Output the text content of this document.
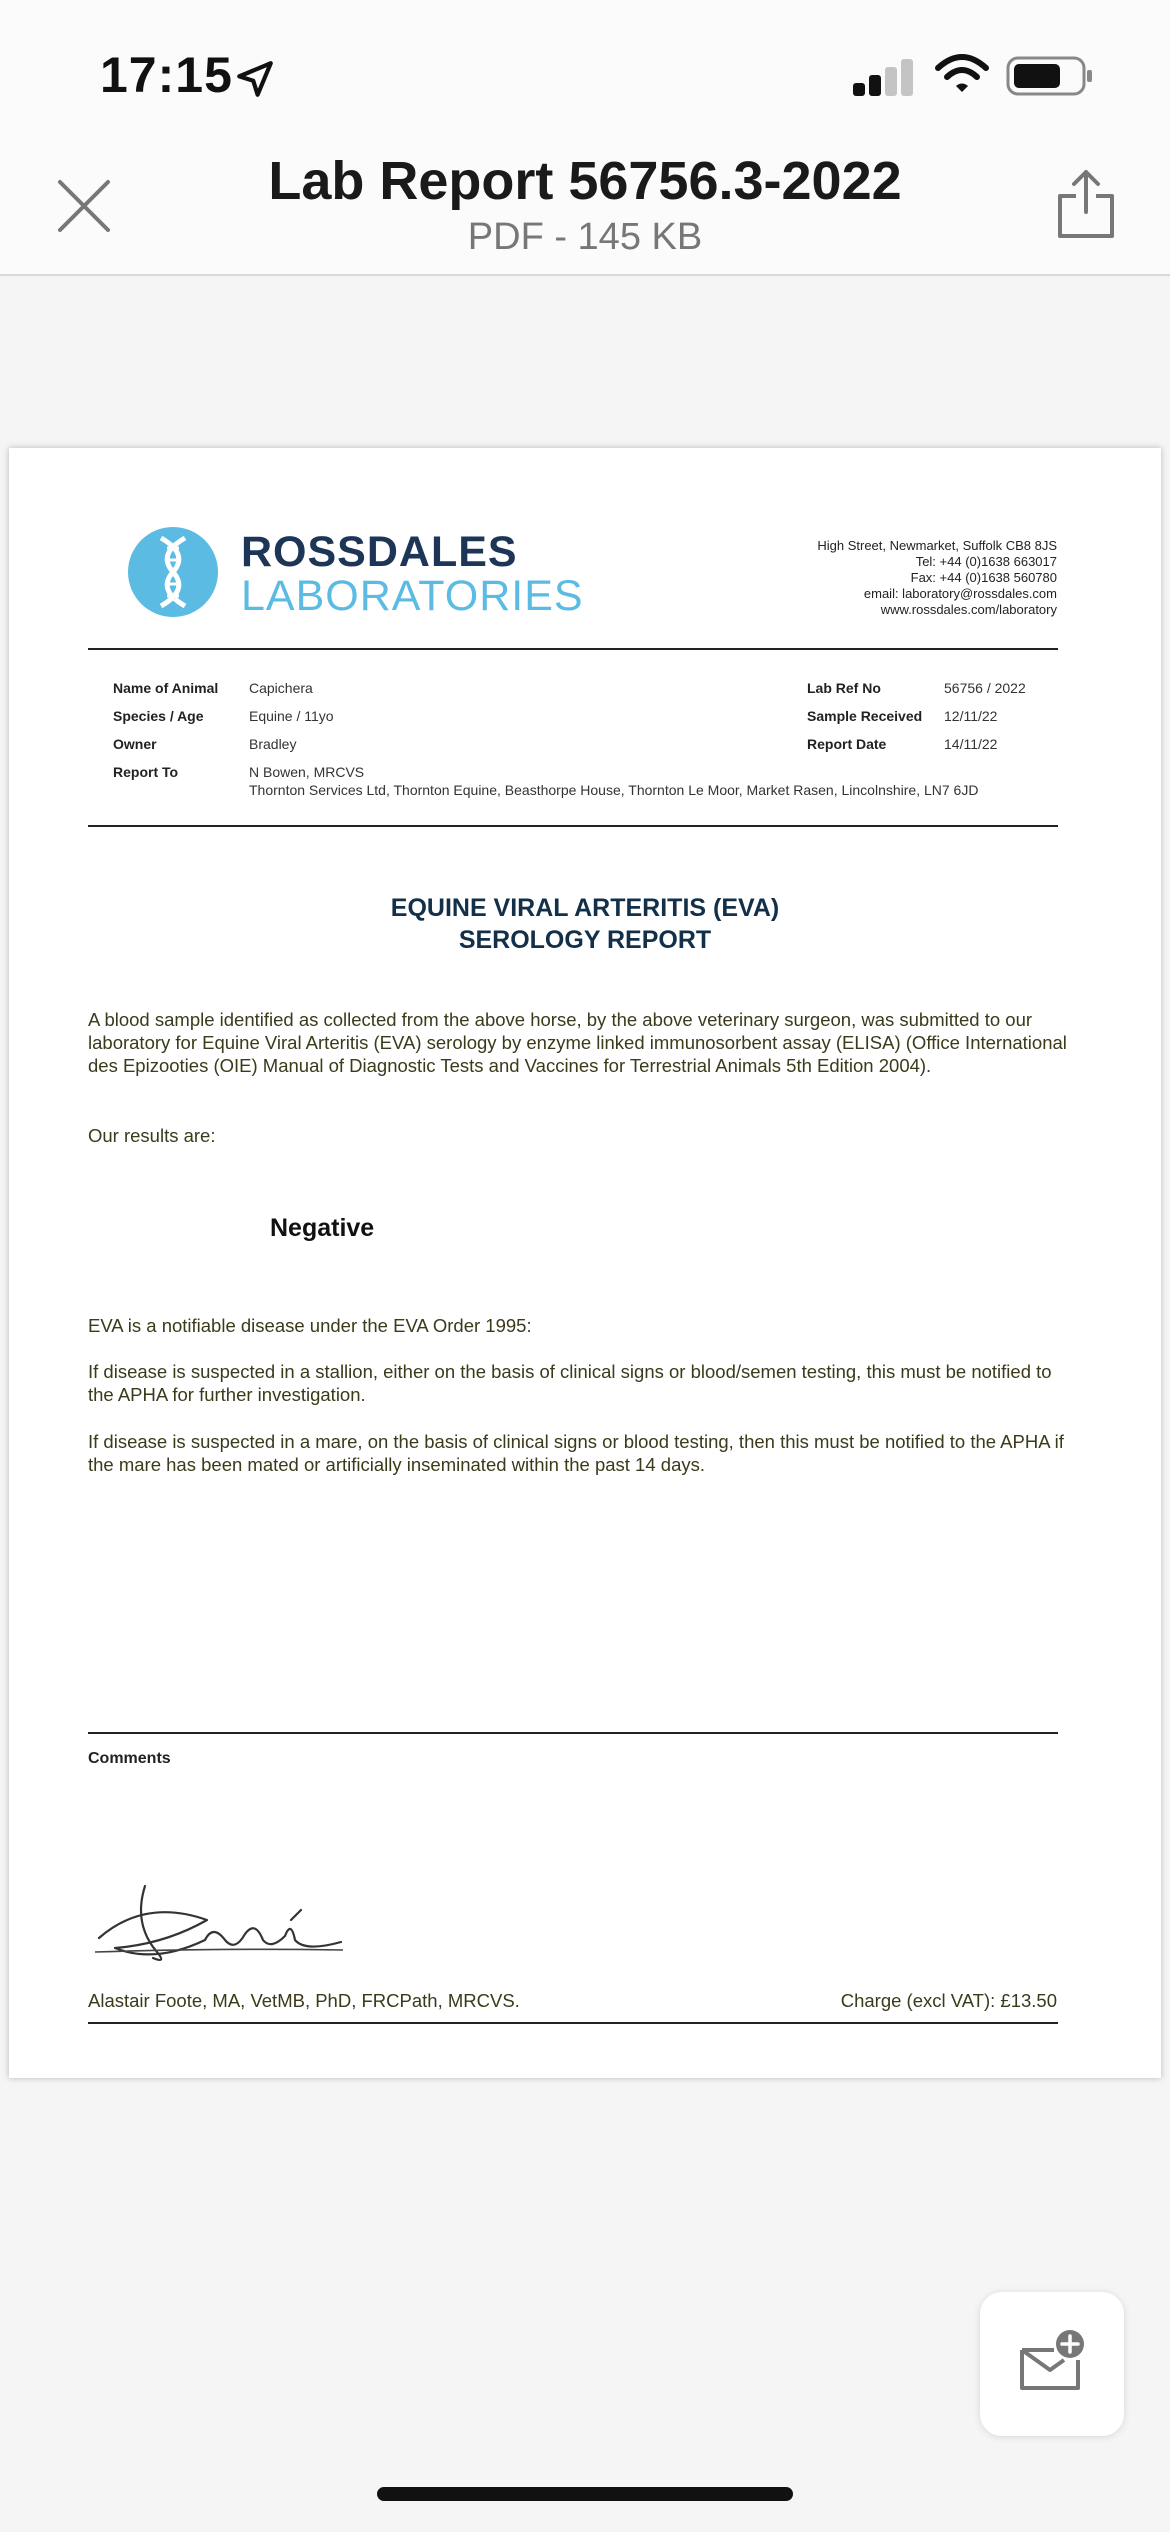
17:15
Lab Report 56756.3-2022
PDF - 145 KB
ROSSDALES
LABORATORIES
High Street, Newmarket, Suffolk CB8 8JS
Tel: +44 (0)1638 663017
Fax: +44 (0)1638 560780
email: laboratory@rossdales.com
www.rossdales.com/laboratory
Name of Animal Capichera
Species / Age	Equine / 11yo
Owner	Bradley
Report To	N Bowen, MRCVS
Thornton Services Ltd, Thornton Equine, Beasthorpe House, Thornton Le Moor, Market Rasen, Lincolnshire, LN7 6JD
Lab Ref No	56756 / 2022
Sample Received 12/11/22
Report Date	14/11/22
EQUINE VIRAL ARTERITIS (EVA)
SEROLOGY REPORT
A blood sample identified as collected from the above horse, by the above veterinary surgeon, was submitted to our laboratory for Equine Viral Arteritis (EVA) serology by enzyme linked immunosorbent assay (ELISA) (Office International des Epizooties (OIE) Manual of Diagnostic Tests and Vaccines for Terrestrial Animals 5th Edition 2004).
Our results are:
Negative
EVA is a notifiable disease under the EVA Order 1995:
If disease is suspected in a stallion, either on the basis of clinical signs or blood/semen testing, this must be notified to the APHA for further investigation.
If disease is suspected in a mare, on the basis of clinical signs or blood testing, then this must be notified to the APHA if the mare has been mated or artificially inseminated within the past 14 days.
Comments
Alastair Foote, MA, VetMB, PhD, FRCPath, MRCVS.	Charge (excl VAT): £13.50
